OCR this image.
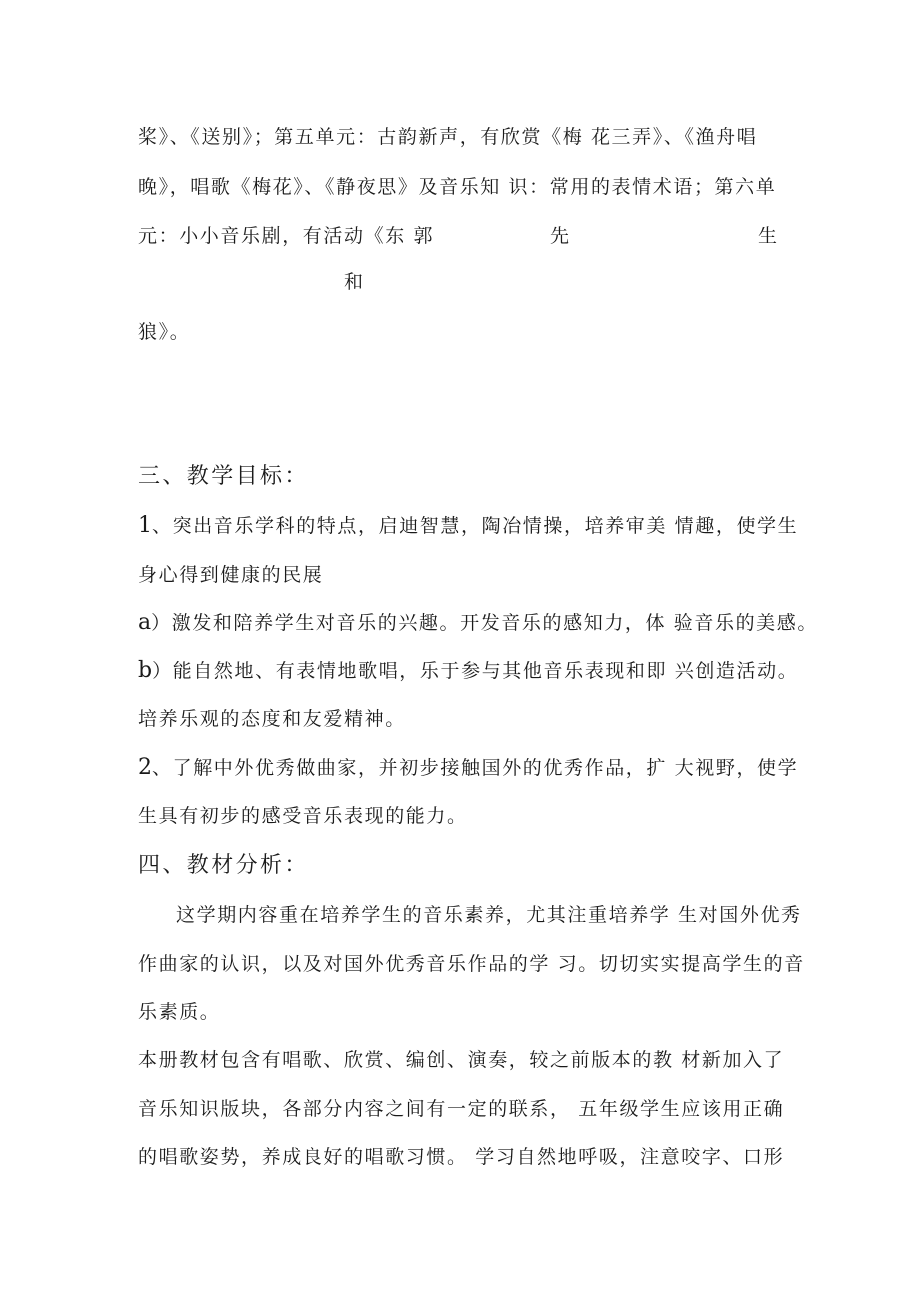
桨》、《送别》；第五单元：古韵新声，有欣赏《梅 花三弄》、《渔舟唱
晚》，唱歌《梅花》、《静夜思》及音乐知 识：常用的表情术语；第六单
元：小小音乐剧，有活动《东 郭	先	生
和
狼》。
三、教学目标：
1、突出音乐学科的特点，启迪智慧，陶冶情操，培养审美 情趣，使学生
身心得到健康的民展
a）激发和陪养学生对音乐的兴趣。开发音乐的感知力，体 验音乐的美感。
b）能自然地、有表情地歌唱，乐于参与其他音乐表现和即 兴创造活动。
培养乐观的态度和友爱精神。
2、了解中外优秀做曲家，并初步接触国外的优秀作品，扩 大视野，使学
生具有初步的感受音乐表现的能力。
四、教材分析：
这学期内容重在培养学生的音乐素养，尤其注重培养学 生对国外优秀
作曲家的认识，以及对国外优秀音乐作品的学 习。切切实实提高学生的音
乐素质。
本册教材包含有唱歌、欣赏、编创、演奏，较之前版本的教 材新加入了
音乐知识版块，各部分内容之间有一定的联系， 五年级学生应该用正确
的唱歌姿势，养成良好的唱歌习惯。 学习自然地呼吸，注意咬字、口形
